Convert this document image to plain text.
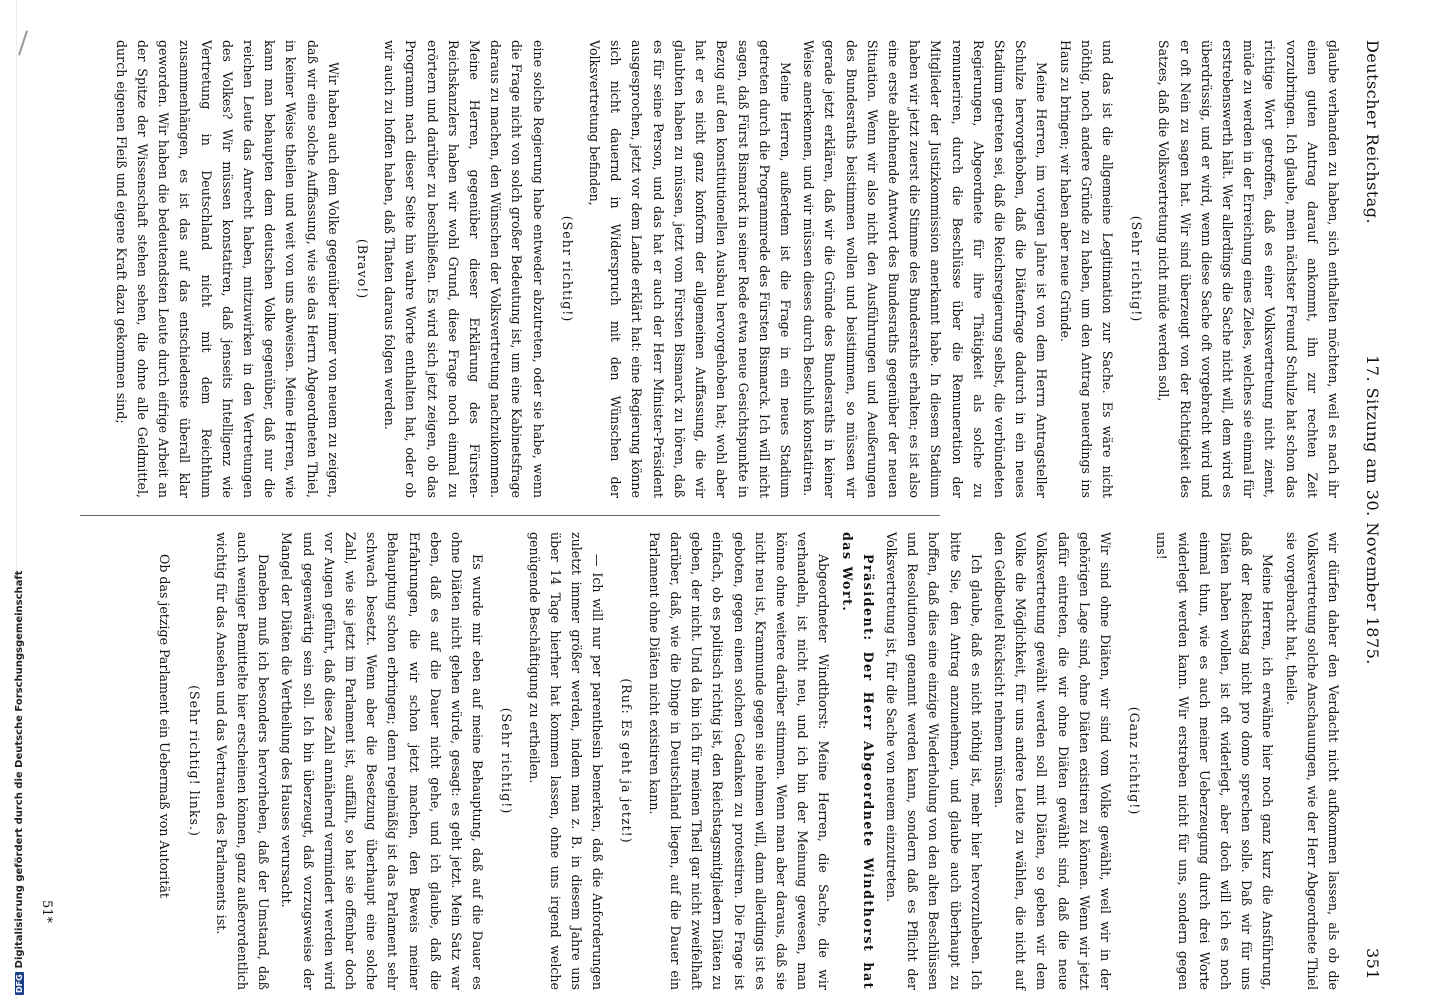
DFGDigitalisierung gefördert durch die Deutsche Forschungsgemeinschaft
Deutscher Reichstag.
17. Sitzung am 30. November 1875.
351

glaube verhanden zu haben, sich enthalten möchten, weil es nach ihr einen guten Antrag darauf ankommt, ihn zur rechten Zeit vorzubringen. Ich glaube, mein nächster Freund Schulze hat schon das richtige Wort getroffen, daß es einer Volksvertretung nicht ziemt, müde zu werden in der Erreichung eines Zieles, welches sie einmal für erstrebenswerth hält. Wer allerdings die Sache nicht will, dem wird es überdrüssig, und er wird, wenn diese Sache oft vorgebracht wird und er oft Nein zu sagen hat. Wir sind überzeugt von der Richtigkeit des Satzes, daß die Volksvertretung nicht müde werden soll,

(Sehr richtig!)

und das ist die allgemeine Legitimation zur Sache. Es wäre nicht nöthig, noch andere Gründe zu haben, um den Antrag neuerdings ins Haus zu bringen; wir haben aber neue Gründe.

Meine Herren, im vorigen Jahre ist von dem Herrn Antragsteller Schulze hervorgehoben, daß die Diätenfrage dadurch in ein neues Stadium getreten sei, daß die Reichsregierung selbst, die verbündeten Regierungen, Abgeordnete für ihre Thätigkeit als solche zu remuneriren, durch die Beschlüsse über die Remuneration der Mitglieder der Justizkommission anerkannt habe. In diesem Stadium haben wir jetzt zuerst die Stimme des Bundesraths erhalten; es ist also eine erste ablehnende Antwort des Bundesraths gegenüber der neuen Situation. Wenn wir also nicht den Ausführungen und Aeußerungen des Bundesraths beistimmen wollen und beistimmen, so müssen wir gerade jetzt erklären, daß wir die Gründe des Bundesraths in keiner Weise anerkennen, und wir müssen dieses durch Beschluß konstatiren.

Meine Herren, außerdem ist die Frage in ein neues Stadium getreten durch die Programmrede des Fürsten Bismarck. Ich will nicht sagen, daß Fürst Bismarck in seiner Rede etwa neue Gesichtspunkte in Bezug auf den konstitutionellen Ausbau hervorgehoben hat; wohl aber hat er es nicht ganz konform der allgemeinen Auffassung, die wir glaubten haben zu müssen, jetzt vom Fürsten Bismarck zu hören, daß es für seine Person, und das hat er auch der Herr Minister-Präsident ausgesprochen, jetzt vor dem Lande erklärt hat: eine Regierung könne sich nicht dauernd in Widerspruch mit den Wünschen der Volksvertretung befinden,

(Sehr richtig!)

eine solche Regierung habe entweder abzutreten, oder sie habe, wenn die Frage nicht von solch großer Bedeutung ist, um eine Kabinetsfrage daraus zu machen, den Wünschen der Volksvertretung nachzukommen. Meine Herren, gegenüber dieser Erklärung des Fürsten-Reichskanzlers haben wir wohl Grund, diese Frage noch einmal zu erörtern und darüber zu beschließen. Es wird sich jetzt zeigen, ob das Programm nach dieser Seite hin wahre Worte enthalten hat, oder ob wir auch zu hoffen haben, daß Thaten daraus folgen werden.

(Bravo!)

Wir haben auch dem Volke gegenüber immer von neuem zu zeigen, daß wir eine solche Auffassung, wie sie das Herrn Abgeordneten Thiel, in keiner Weise theilen und weit von uns abweisen. Meine Herren, wie kann man behaupten dem deutschen Volke gegenüber, daß nur die reichen Leute das Anrecht haben, mitzuwirken in den Vertretungen des Volkes? Wir müssen konstatiren, daß jenseits Intelligenz wie Vertretung in Deutschland nicht mit dem Reichthum zusammenhängen, es ist das auf das entschiedenste überall klar geworden. Wir haben die bedeutendsten Leute durch eifrige Arbeit an der Spitze der Wissenschaft stehen sehen, die ohne alle Geldmittel, durch eigenen Fleiß und eigene Kraft dazu gekommen sind;

wir dürfen daher den Verdacht nicht aufkommen lassen, als ob die Volksvertretung solche Anschauungen, wie der Herr Abgeordnete Thiel sie vorgebracht hat, theile.

Meine Herren, ich erwähne hier noch ganz kurz die Ansführung, daß der Reichstag nicht pro domo sprechen solle. Daß wir für uns Diäten haben wollen, ist oft widerlegt, aber doch will ich es noch einmal thun, wie es auch meiner Ueberzeugung durch drei Worte widerlegt werden kann. Wir erstreben nicht für uns, sondern gegen uns!

(Ganz richtig!)

Wir sind ohne Diäten, wir sind vom Volke gewählt, weil wir in der gehörigen Lage sind, ohne Diäten existiren zu können. Wenn wir jetzt dafür eintreten, die wir ohne Diäten gewählt sind, daß die neue Volksvertretung gewählt werden soll mit Diäten, so geben wir dem Volke die Möglichkeit, für uns andere Leute zu wählen, die nicht auf den Geldbeutel Rücksicht nehmen müssen.

Ich glaube, daß es nicht nöthig ist, mehr hier hervorzuheben. Ich bitte Sie, den Antrag anzunehmen, und glaube auch überhaupt zu hoffen, daß dies eine einzige Wiederholung von den alten Beschlüssen und Resolutionen genannt werden kann, sondern daß es Pflicht der Volksvertretung ist, für die Sache von neuem einzutreten.

Präsident: Der Herr Abgeordnete Windthorst hat das Wort.

Abgeordneter Windthorst: Meine Herren, die Sache, die wir verhandeln, ist nicht neu, und ich bin der Meinung gewesen, man könne ohne weitere darüber stimmen. Wenn man aber daraus, daß sie nicht neu ist, Kranmunde gegen sie nehmen will, dann allerdings ist es geboten, gegen einen solchen Gedanken zu protestiren. Die Frage ist einfach, ob es politisch richtig ist, den Reichstagsmitgliedern Diäten zu geben, der nicht. Und da bin ich für meinen Theil gar nicht zweifelhaft darüber, daß, wie die Dinge in Deutschland liegen, auf die Dauer ein Parlament ohne Diäten nicht existiren kann.

(Ruf: Es geht ja jetzt!)

— Ich will nur per parenthesin bemerken, daß die Anforderungen zuletzt immer größer werden, indem man z. B. in diesem Jahre uns über 14 Tage hierher hat kommen lassen, ohne uns irgend welche genügende Beschäftigung zu ertheilen.

(Sehr richtig!)

Es wurde mir eben auf meine Behauptung, daß auf die Dauer es ohne Diäten nicht gehen würde, gesagt: es geht jetzt. Mein Satz war eben, daß es auf die Dauer nicht gehe, und ich glaube, daß die Erfahrungen, die wir schon jetzt machen, den Beweis meiner Behauptung schon erbringen; denn regelmäßig ist das Parlament sehr schwach besetzt. Wenn aber die Besetzung überhaupt eine solche Zahl, wie sie jetzt im Parlament ist, auffällt, so hat sie offenbar doch vor Augen geführt, daß diese Zahl annähernd vermindert werden wird und gegenwärtig sein soll. Ich bin überzeugt, daß vorzugsweise der Mangel der Diäten die Vertheilung des Hauses verursacht.

Daneben muß ich besonders hervorheben, daß der Umstand, daß auch weniger Bemittelte hier erscheinen können, ganz außerordentlich wichtig für das Ansehen und das Vertrauen des Parlaments ist.

(Sehr richtig! links.)

Ob das jetzige Parlament ein Uebermaß von Autorität

51*
